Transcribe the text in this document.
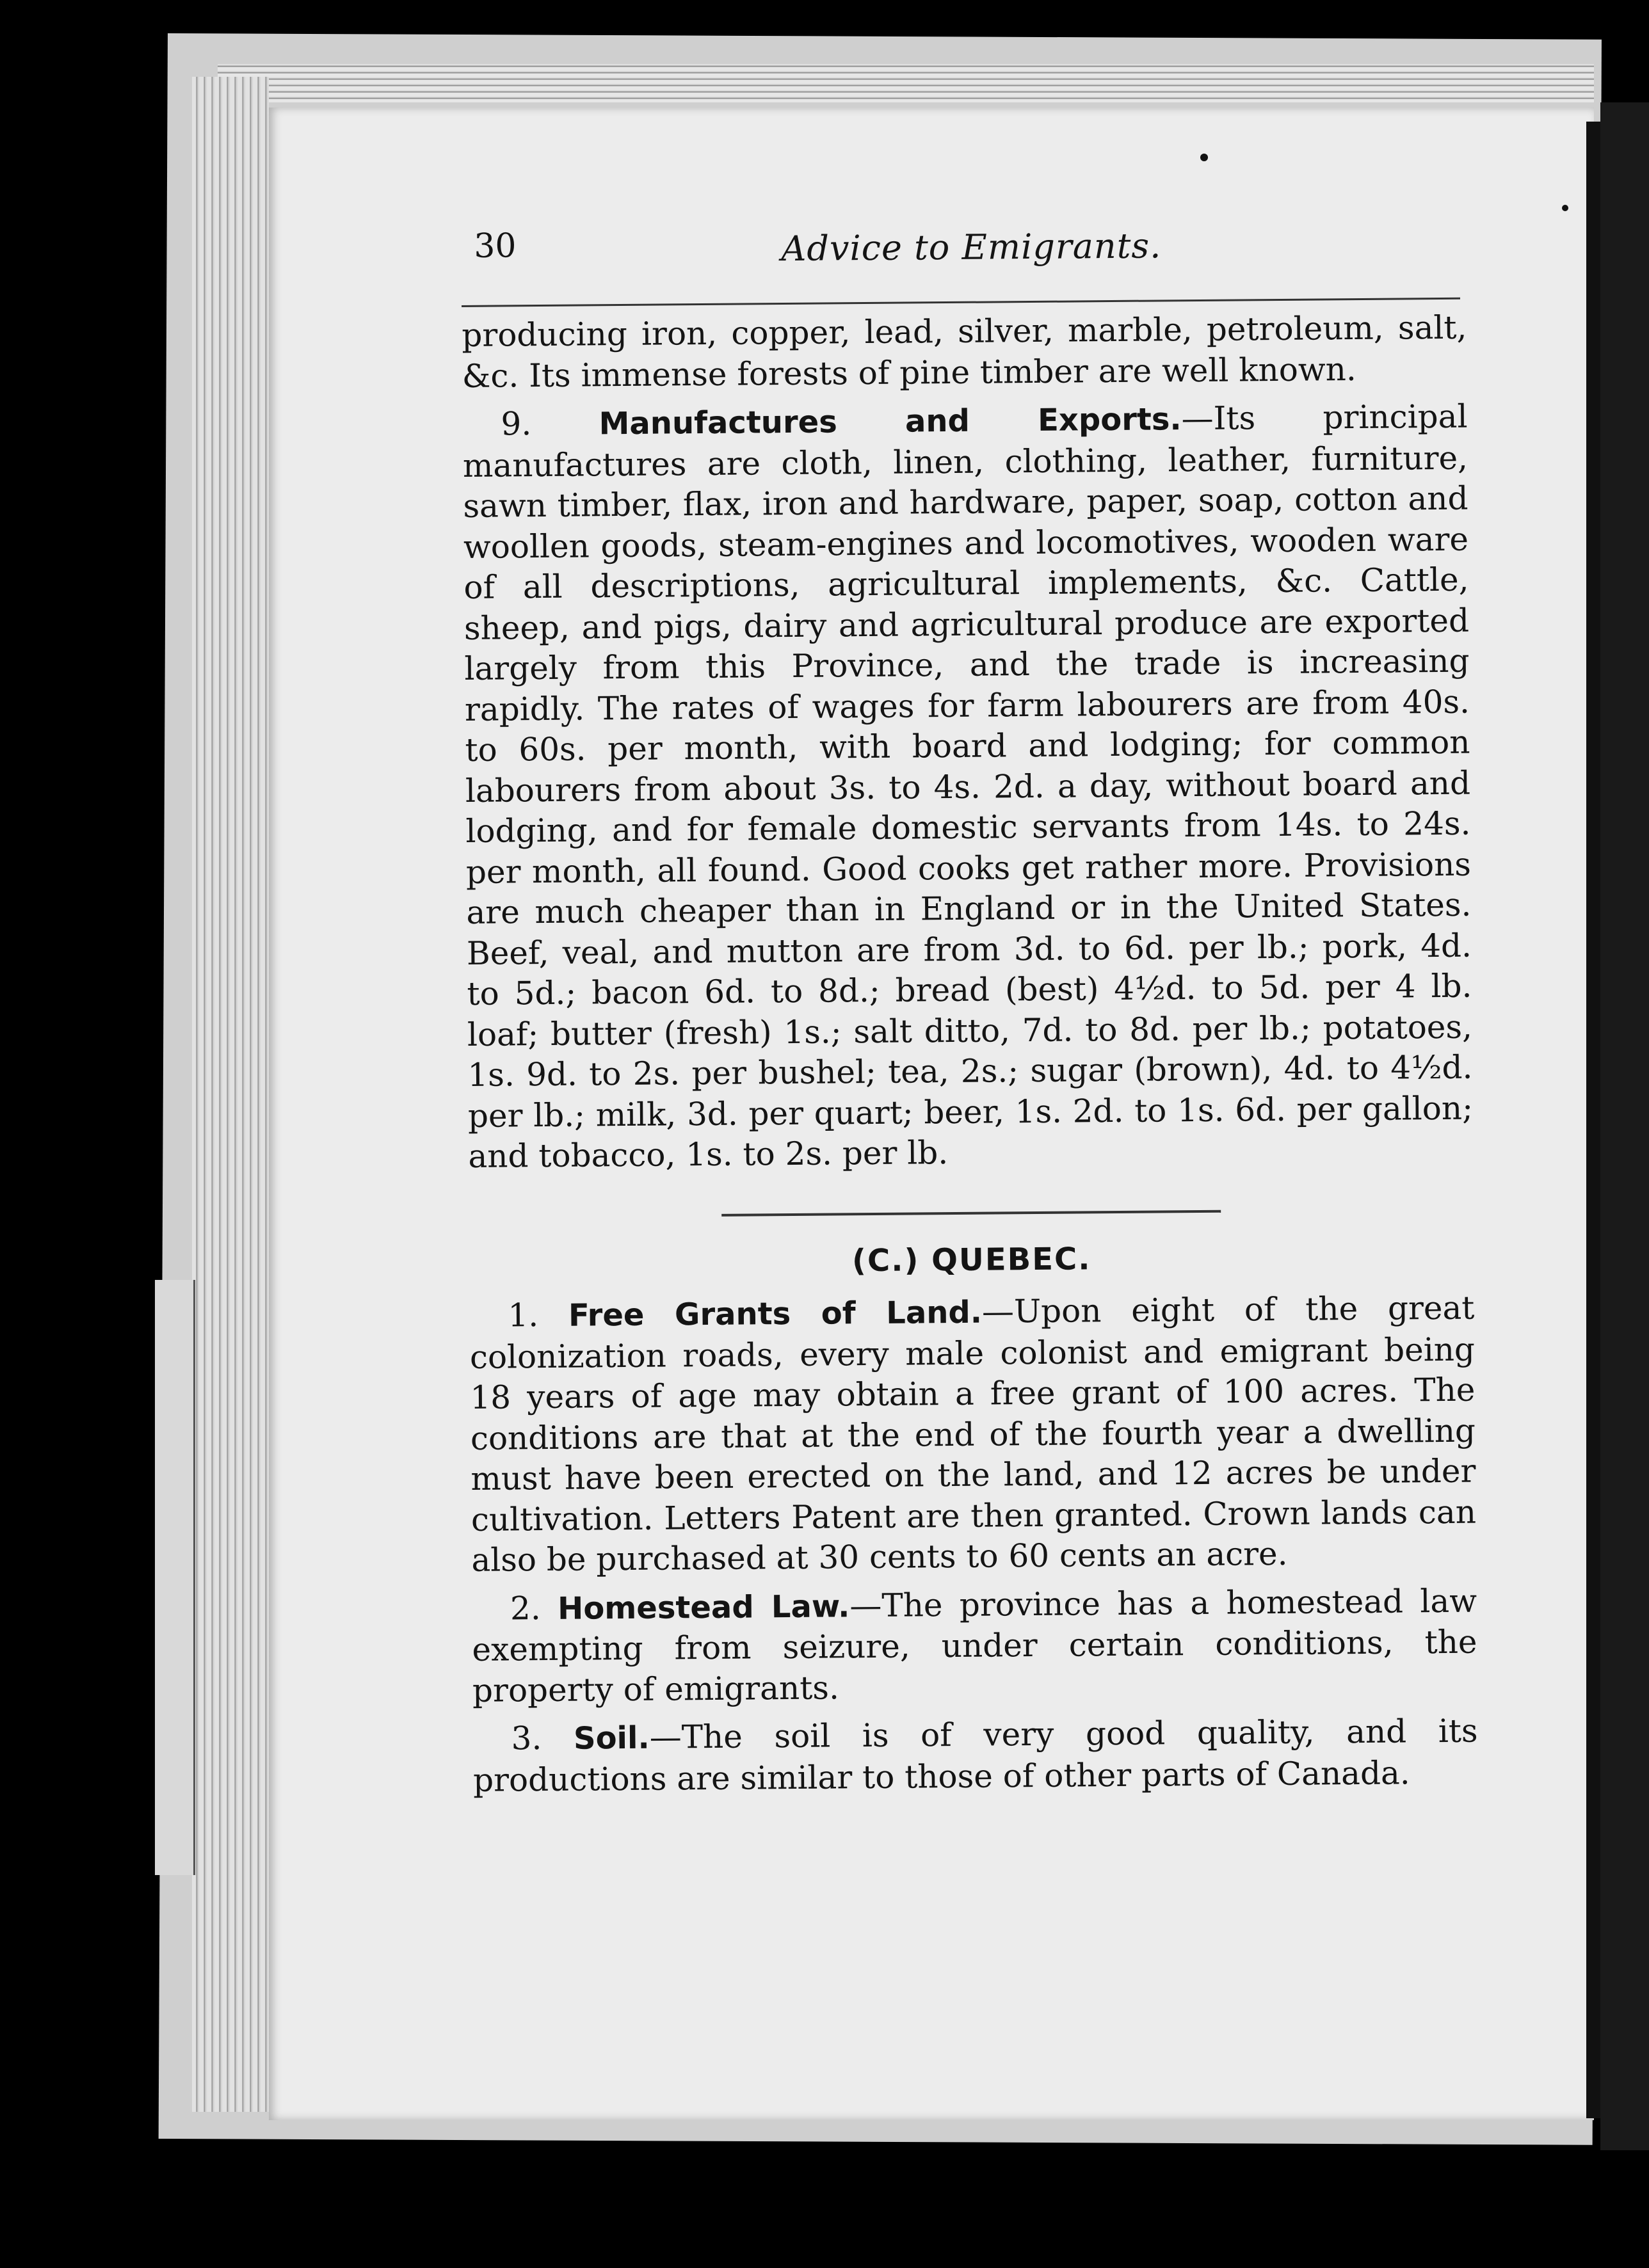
30	Advice to Emigrants.

producing iron, copper, lead, silver, marble, petroleum, salt, &c. Its immense forests of pine timber are well known.

9. Manufactures and Exports.—Its principal manufactures are cloth, linen, clothing, leather, furniture, sawn timber, flax, iron and hardware, paper, soap, cotton and woollen goods, steam-engines and locomotives, wooden ware of all descriptions, agricultural implements, &c. Cattle, sheep, and pigs, dairy and agricultural produce are exported largely from this Province, and the trade is increasing rapidly. The rates of wages for farm labourers are from 40s. to 60s. per month, with board and lodging; for common labourers from about 3s. to 4s. 2d. a day, without board and lodging, and for female domestic servants from 14s. to 24s. per month, all found. Good cooks get rather more. Provisions are much cheaper than in England or in the United States. Beef, veal, and mutton are from 3d. to 6d. per lb.; pork, 4d. to 5d.; bacon 6d. to 8d.; bread (best) 4½d. to 5d. per 4 lb. loaf; butter (fresh) 1s.; salt ditto, 7d. to 8d. per lb.; potatoes, 1s. 9d. to 2s. per bushel; tea, 2s.; sugar (brown), 4d. to 4½d. per lb.; milk, 3d. per quart; beer, 1s. 2d. to 1s. 6d. per gallon; and tobacco, 1s. to 2s. per lb.

(C.) QUEBEC.

1. Free Grants of Land.—Upon eight of the great colonization roads, every male colonist and emigrant being 18 years of age may obtain a free grant of 100 acres. The conditions are that at the end of the fourth year a dwelling must have been erected on the land, and 12 acres be under cultivation. Letters Patent are then granted. Crown lands can also be purchased at 30 cents to 60 cents an acre.

2. Homestead Law.—The province has a homestead law exempting from seizure, under certain conditions, the property of emigrants.

3. Soil.—The soil is of very good quality, and its productions are similar to those of other parts of Canada.
